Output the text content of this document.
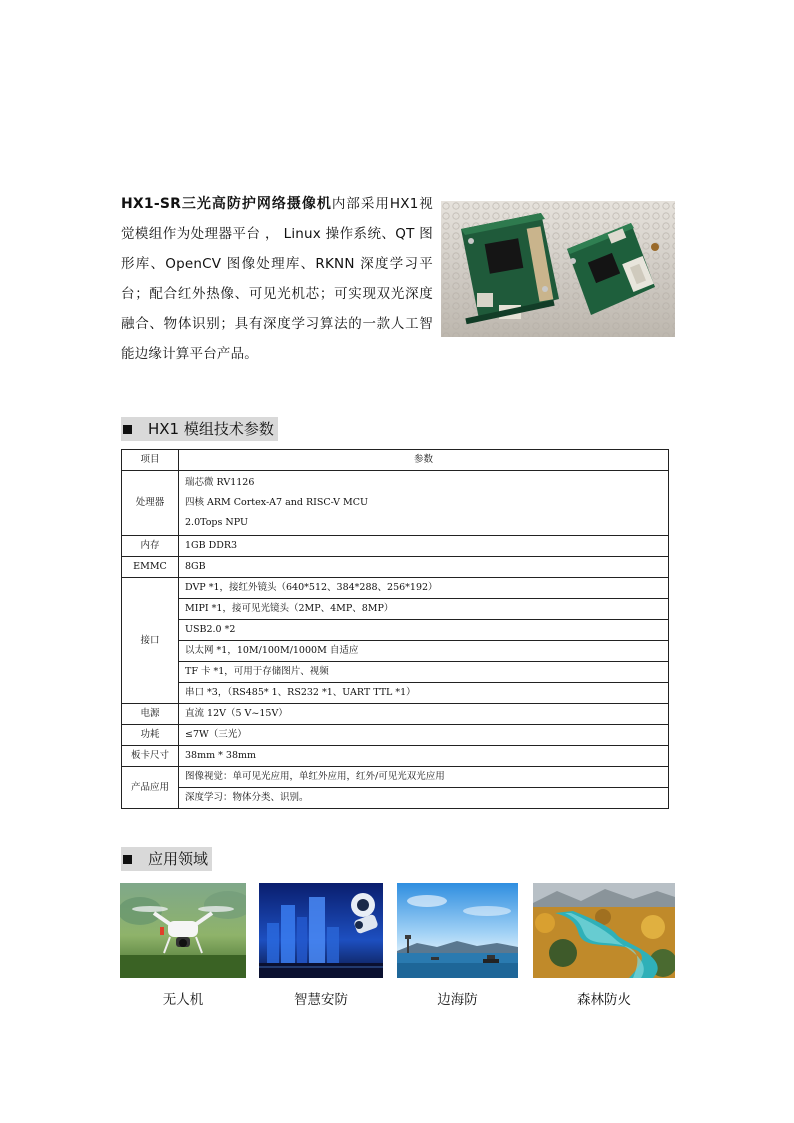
HX1-SR三光高防护网络摄像机内部采用HX1视觉模组作为处理器平台 ， Linux 操作系统、QT 图形库、OpenCV 图像处理库、RKNN 深度学习平台；配合红外热像、可见光机芯；可实现双光深度融合、物体识别；具有深度学习算法的一款人工智能边缘计算平台产品。
HX1 模组技术参数
项目	参数
处理器	瑞芯微 RV1126
四核 ARM Cortex-A7 and RISC-V MCU
2.0Tops NPU

内存	1GB DDR3
EMMC	8GB
接口	DVP *1，接红外镜头（640*512、384*288、256*192）
	MIPI *1，接可见光镜头（2MP、4MP、8MP）
	USB2.0 *2
	以太网 *1，10M/100M/1000M 自适应
	TF 卡 *1，可用于存储图片、视频
	串口 *3，（RS485* 1、RS232 *1、UART TTL *1）
电源	直流 12V（5 V~15V）
功耗	≤7W（三光）
板卡尺寸	38mm * 38mm
产品应用	图像视觉：单可见光应用，单红外应用，红外/可见光双光应用
	深度学习：物体分类、识别。
应用领域
无人机	智慧安防	边海防	森林防火
